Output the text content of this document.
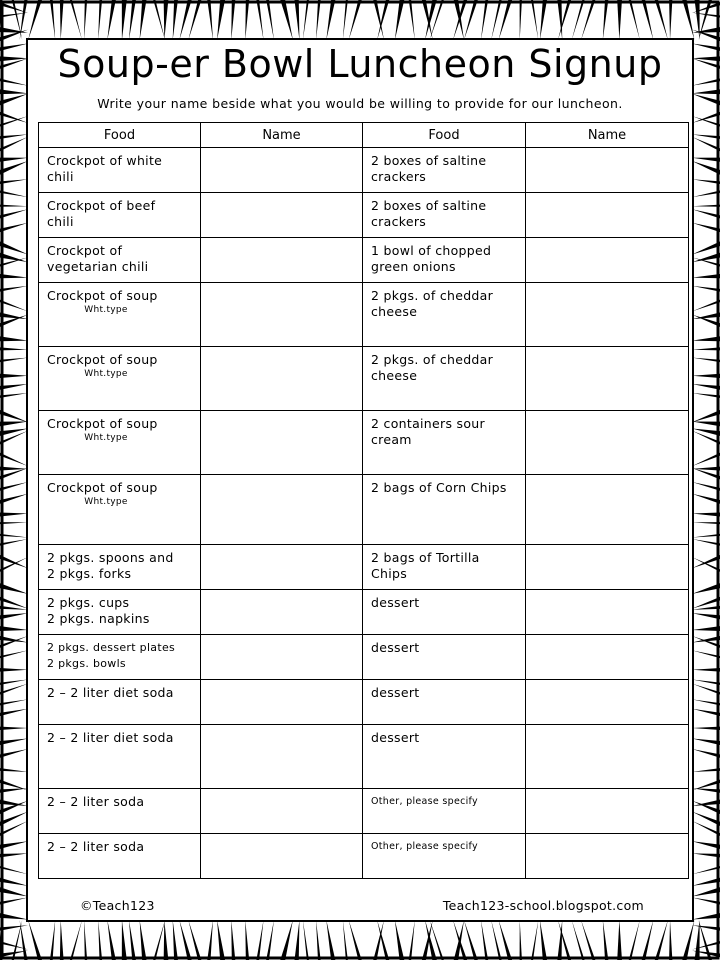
Soup-er Bowl Luncheon Signup
Write your name beside what you would be willing to provide for our luncheon.
Food	Name	Food	Name

Crockpot of white
chili		2 boxes of saltine
crackers	

Crockpot of beef
chili		2 boxes of saltine
crackers	

Crockpot of
vegetarian chili		1 bowl of chopped
green onions	

Crockpot of soup
Wht.type		2 pkgs. of cheddar
cheese	

Crockpot of soup
Wht.type		2 pkgs. of cheddar
cheese	

Crockpot of soup
Wht.type		2 containers sour
cream	

Crockpot of soup
Wht.type		2 bags of Corn Chips	

2 pkgs. spoons and
2 pkgs. forks		2 bags of Tortilla
Chips	

2 pkgs. cups
2 pkgs. napkins		dessert	

2 pkgs. dessert plates
2 pkgs. bowls		dessert	

2 – 2 liter diet soda		dessert	

2 – 2 liter diet soda		dessert	

2 – 2 liter soda		Other, please specify	

2 – 2 liter soda		Other, please specify	

©Teach123	Teach123-school.blogspot.com
